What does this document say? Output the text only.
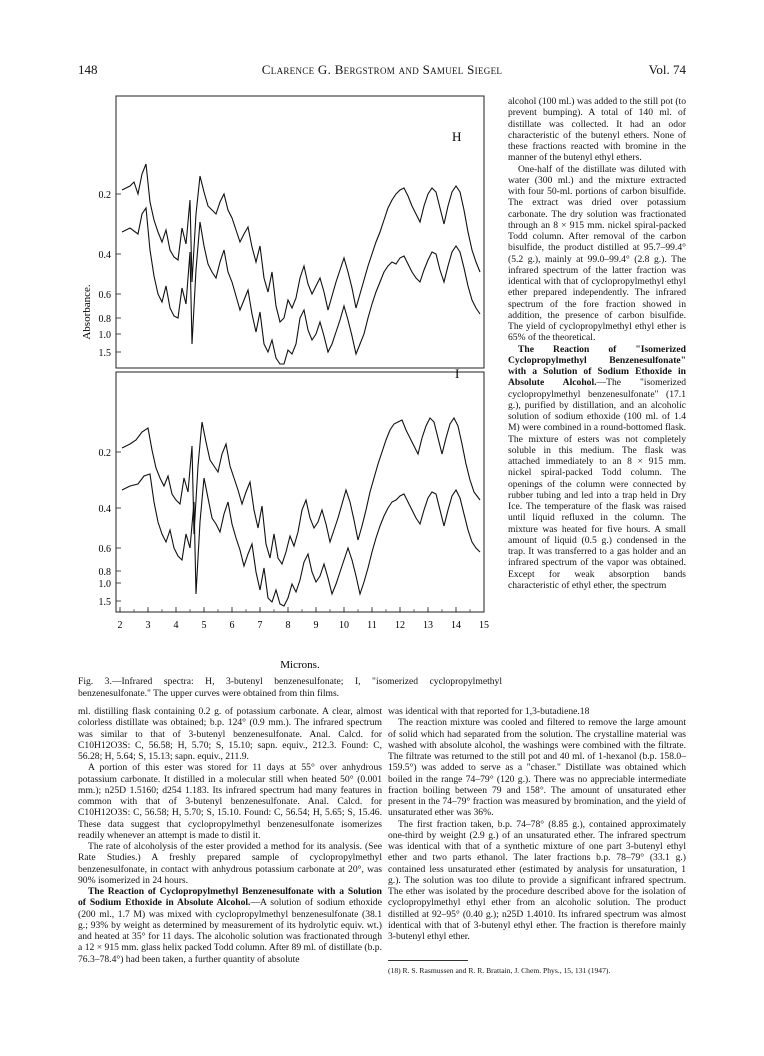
148	Clarence G. Bergstrom and Samuel Siegel	Vol. 74
H
I
Absorbance.
Microns.
0.2
0.4
0.6
0.8
1.0
1.5
0.2
0.4
0.6
0.8
1.0
1.5
2 3 4 5 6 7 8 9 10 11 12 13 14 15
Fig. 3.—Infrared spectra: H, 3-butenyl benzenesulfonate; I, "isomerized cyclopropylmethyl benzenesulfonate." The upper curves were obtained from thin films.

alcohol (100 ml.) was added to the still pot (to prevent bumping). A total of 140 ml. of distillate was collected. It had an odor characteristic of the butenyl ethers. None of these fractions reacted with bromine in the manner of the butenyl ethyl ethers.

One-half of the distillate was diluted with water (300 ml.) and the mixture extracted with four 50-ml. portions of carbon bisulfide. The extract was dried over potassium carbonate. The dry solution was fractionated through an 8 × 915 mm. nickel spiral-packed Todd column. After removal of the carbon bisulfide, the product distilled at 95.7–99.4° (5.2 g.), mainly at 99.0–99.4° (2.8 g.). The infrared spectrum of the latter fraction was identical with that of cyclopropylmethyl ethyl ether prepared independently. The infrared spectrum of the fore fraction showed in addition, the presence of carbon bisulfide. The yield of cyclopropylmethyl ethyl ether is 65% of the theoretical.

The Reaction of "Isomerized Cyclopropylmethyl Benzenesulfonate" with a Solution of Sodium Ethoxide in Absolute Alcohol.—The "isomerized cyclopropylmethyl benzenesulfonate" (17.1 g.), purified by distillation, and an alcoholic solution of sodium ethoxide (100 ml. of 1.4 M) were combined in a round-bottomed flask. The mixture of esters was not completely soluble in this medium. The flask was attached immediately to an 8 × 915 mm. nickel spiral-packed Todd column. The openings of the column were connected by rubber tubing and led into a trap held in Dry Ice. The temperature of the flask was raised until liquid refluxed in the column. The mixture was heated for five hours. A small amount of liquid (0.5 g.) condensed in the trap. It was transferred to a gas holder and an infrared spectrum of the vapor was obtained. Except for weak absorption bands characteristic of ethyl ether, the spectrum

ml. distilling flask containing 0.2 g. of potassium carbonate. A clear, almost colorless distillate was obtained; b.p. 124° (0.9 mm.). The infrared spectrum was similar to that of 3-butenyl benzenesulfonate. Anal. Calcd. for C10H12O3S: C, 56.58; H, 5.70; S, 15.10; sapn. equiv., 212.3. Found: C, 56.28; H, 5.64; S, 15.13; sapn. equiv., 211.9.

A portion of this ester was stored for 11 days at 55° over anhydrous potassium carbonate. It distilled in a molecular still when heated 50° (0.001 mm.); n25D 1.5160; d254 1.183. Its infrared spectrum had many features in common with that of 3-butenyl benzenesulfonate. Anal. Calcd. for C10H12O3S: C, 56.58; H, 5.70; S, 15.10. Found: C, 56.54; H, 5.65; S, 15.46. These data suggest that cyclopropylmethyl benzenesulfonate isomerizes readily whenever an attempt is made to distil it.

The rate of alcoholysis of the ester provided a method for its analysis. (See Rate Studies.) A freshly prepared sample of cyclopropylmethyl benzenesulfonate, in contact with anhydrous potassium carbonate at 20°, was 90% isomerized in 24 hours.

The Reaction of Cyclopropylmethyl Benzenesulfonate with a Solution of Sodium Ethoxide in Absolute Alcohol.—A solution of sodium ethoxide (200 ml., 1.7 M) was mixed with cyclopropylmethyl benzenesulfonate (38.1 g.; 93% by weight as determined by measurement of its hydrolytic equiv. wt.) and heated at 35° for 11 days. The alcoholic solution was fractionated through a 12 × 915 mm. glass helix packed Todd column. After 89 ml. of distillate (b.p. 76.3–78.4°) had been taken, a further quantity of absolute

was identical with that reported for 1,3-butadiene.18

The reaction mixture was cooled and filtered to remove the large amount of solid which had separated from the solution. The crystalline material was washed with absolute alcohol, the washings were combined with the filtrate. The filtrate was returned to the still pot and 40 ml. of 1-hexanol (b.p. 158.0–159.5°) was added to serve as a "chaser." Distillate was obtained which boiled in the range 74–79° (120 g.). There was no appreciable intermediate fraction boiling between 79 and 158°. The amount of unsaturated ether present in the 74–79° fraction was measured by bromination, and the yield of unsaturated ether was 36%.

The first fraction taken, b.p. 74–78° (8.85 g.), contained approximately one-third by weight (2.9 g.) of an unsaturated ether. The infrared spectrum was identical with that of a synthetic mixture of one part 3-butenyl ethyl ether and two parts ethanol. The later fractions b.p. 78–79° (33.1 g.) contained less unsaturated ether (estimated by analysis for unsaturation, 1 g.). The solution was too dilute to provide a significant infrared spectrum. The ether was isolated by the procedure described above for the isolation of cyclopropylmethyl ethyl ether from an alcoholic solution. The product distilled at 92–95° (0.40 g.); n25D 1.4010. Its infrared spectrum was almost identical with that of 3-butenyl ethyl ether. The fraction is therefore mainly 3-butenyl ethyl ether.

(18) R. S. Rasmussen and R. R. Brattain, J. Chem. Phys., 15, 131 (1947).
